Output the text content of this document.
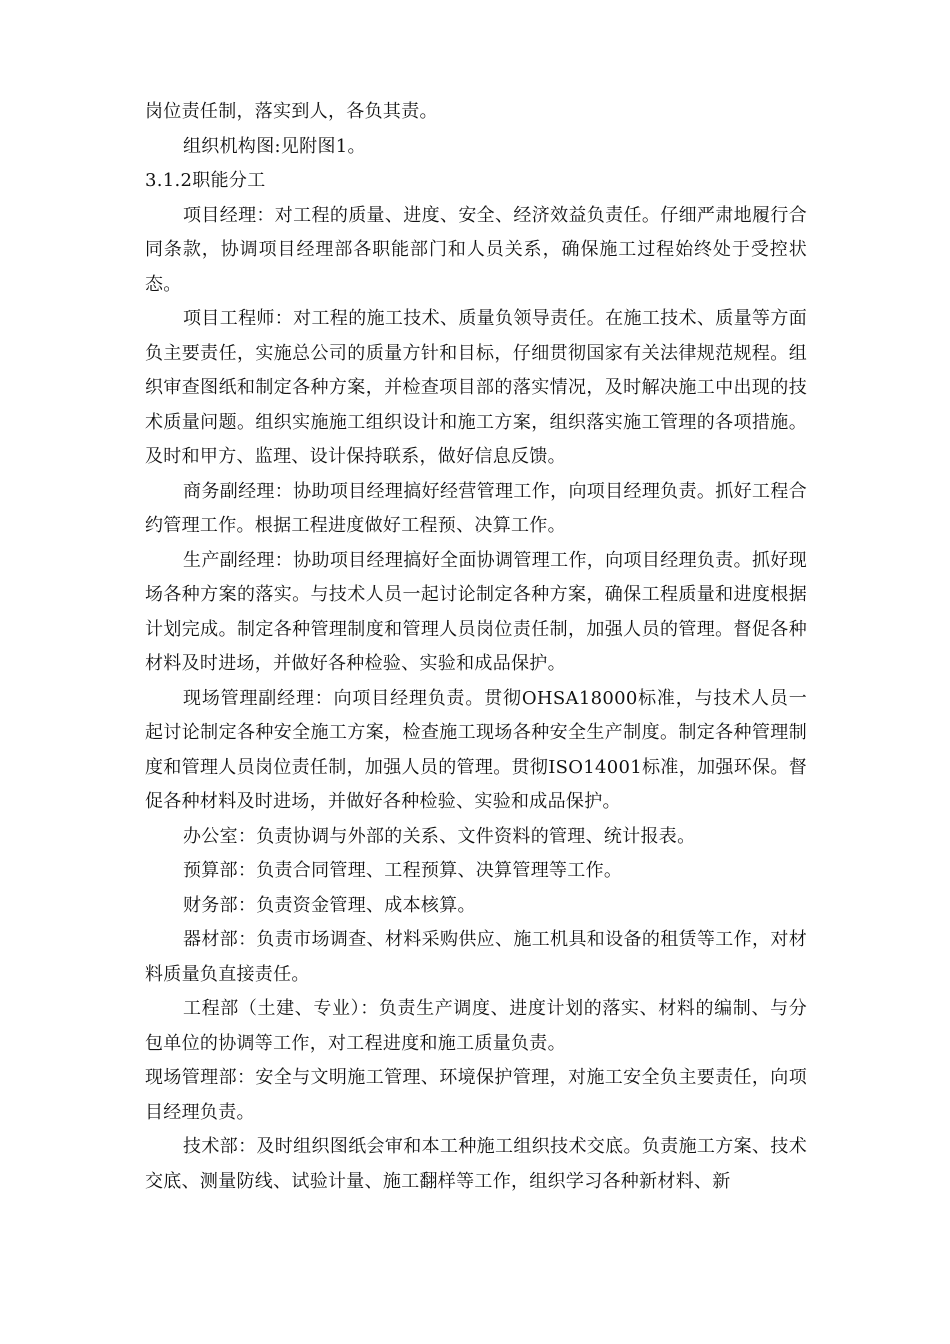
岗位责任制，落实到人，各负其责。

组织机构图:见附图1。

3.1.2职能分工

项目经理：对工程的质量、进度、安全、经济效益负责任。仔细严肃地履行合同条款，协调项目经理部各职能部门和人员关系，确保施工过程始终处于受控状态。

项目工程师：对工程的施工技术、质量负领导责任。在施工技术、质量等方面负主要责任，实施总公司的质量方针和目标，仔细贯彻国家有关法律规范规程。组织审查图纸和制定各种方案，并检查项目部的落实情况，及时解决施工中出现的技术质量问题。组织实施施工组织设计和施工方案，组织落实施工管理的各项措施。及时和甲方、监理、设计保持联系，做好信息反馈。

商务副经理：协助项目经理搞好经营管理工作，向项目经理负责。抓好工程合约管理工作。根据工程进度做好工程预、决算工作。

生产副经理：协助项目经理搞好全面协调管理工作，向项目经理负责。抓好现场各种方案的落实。与技术人员一起讨论制定各种方案，确保工程质量和进度根据计划完成。制定各种管理制度和管理人员岗位责任制，加强人员的管理。督促各种材料及时进场，并做好各种检验、实验和成品保护。

现场管理副经理：向项目经理负责。贯彻OHSA18000标准，与技术人员一起讨论制定各种安全施工方案，检查施工现场各种安全生产制度。制定各种管理制度和管理人员岗位责任制，加强人员的管理。贯彻ISO14001标准，加强环保。督促各种材料及时进场，并做好各种检验、实验和成品保护。

办公室：负责协调与外部的关系、文件资料的管理、统计报表。

预算部：负责合同管理、工程预算、决算管理等工作。

财务部：负责资金管理、成本核算。

器材部：负责市场调查、材料采购供应、施工机具和设备的租赁等工作，对材料质量负直接责任。

工程部（土建、专业）：负责生产调度、进度计划的落实、材料的编制、与分包单位的协调等工作，对工程进度和施工质量负责。

现场管理部：安全与文明施工管理、环境保护管理，对施工安全负主要责任，向项目经理负责。

技术部：及时组织图纸会审和本工种施工组织技术交底。负责施工方案、技术交底、测量防线、试验计量、施工翻样等工作，组织学习各种新材料、新
